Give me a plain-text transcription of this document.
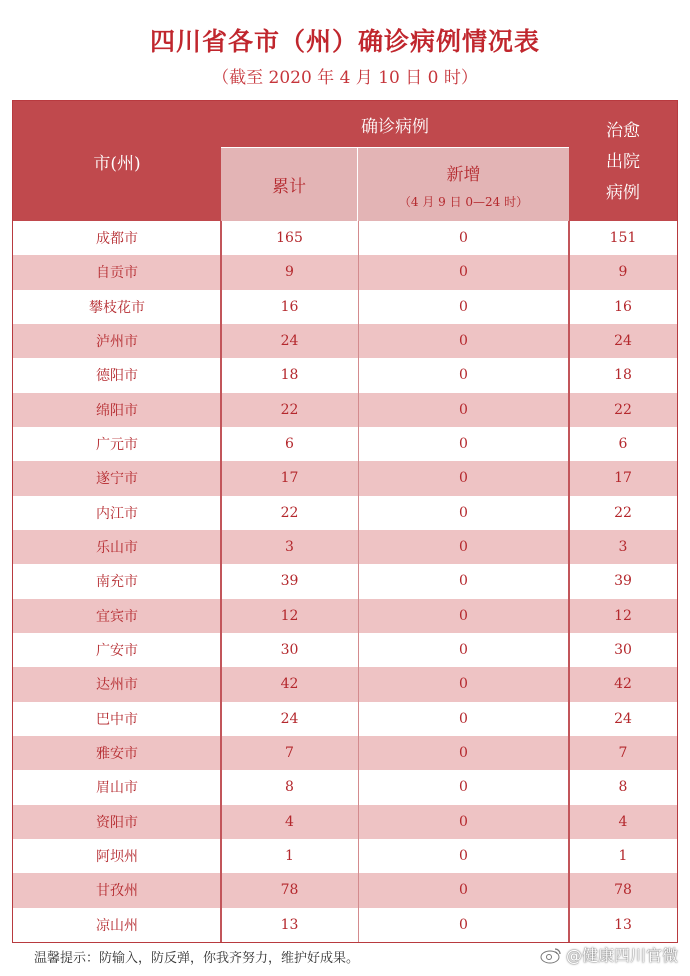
四川省各市（州）确诊病例情况表
（截至 2020 年 4 月 10 日 0 时）
市(州)
确诊病例
累计
新增
（4 月 9 日 0—24 时）
治愈
出院
病例
成都市	165	0	151
自贡市	9	0	9
攀枝花市	16	0	16
泸州市	24	0	24
德阳市	18	0	18
绵阳市	22	0	22
广元市	6	0	6
遂宁市	17	0	17
内江市	22	0	22
乐山市	3	0	3
南充市	39	0	39
宜宾市	12	0	12
广安市	30	0	30
达州市	42	0	42
巴中市	24	0	24
雅安市	7	0	7
眉山市	8	0	8
资阳市	4	0	4
阿坝州	1	0	1
甘孜州	78	0	78
凉山州	13	0	13
温馨提示：防输入，防反弹，你我齐努力，维护好成果。	@健康四川官微
